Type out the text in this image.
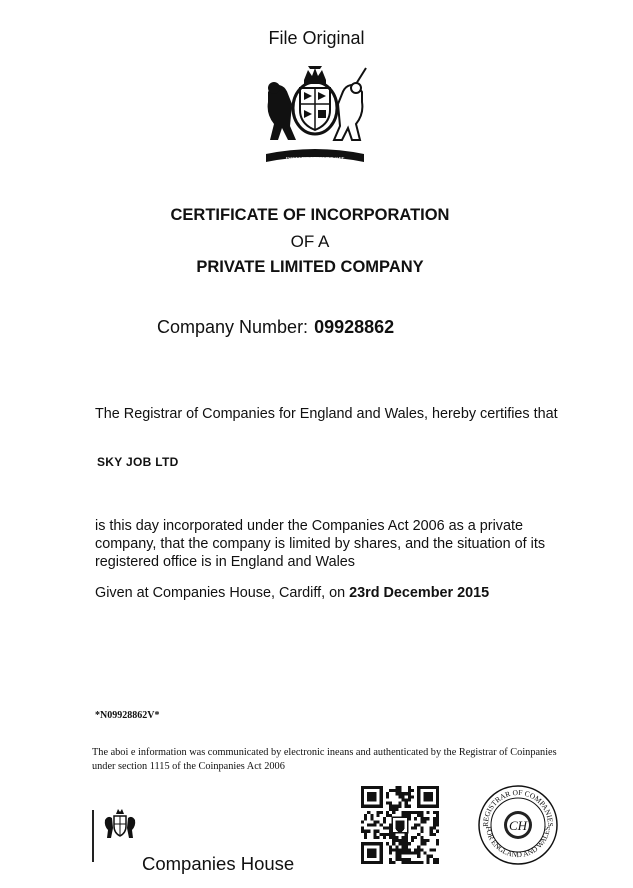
File Original
DIEU ET MON DROIT
CERTIFICATE OF INCORPORATION
OF A
PRIVATE LIMITED COMPANY
Company Number: 09928862
The Registrar of Companies for England and Wales, hereby certifies that
SKY JOB LTD
is this day incorporated under the Companies Act 2006 as a private company, that the company is limited by shares, and the situation of its registered office is in England and Wales
Given at Companies House, Cardiff, on 23rd December 2015
*N09928862V*
The aboi e information was communicated by electronic ineans and authenticated by the Registrar of Coinpanies under section 1115 of the Coinpanies Act 2006
Companies House
REGISTRAR OF COMPANIES
FOR ENGLAND AND WALES
CH
